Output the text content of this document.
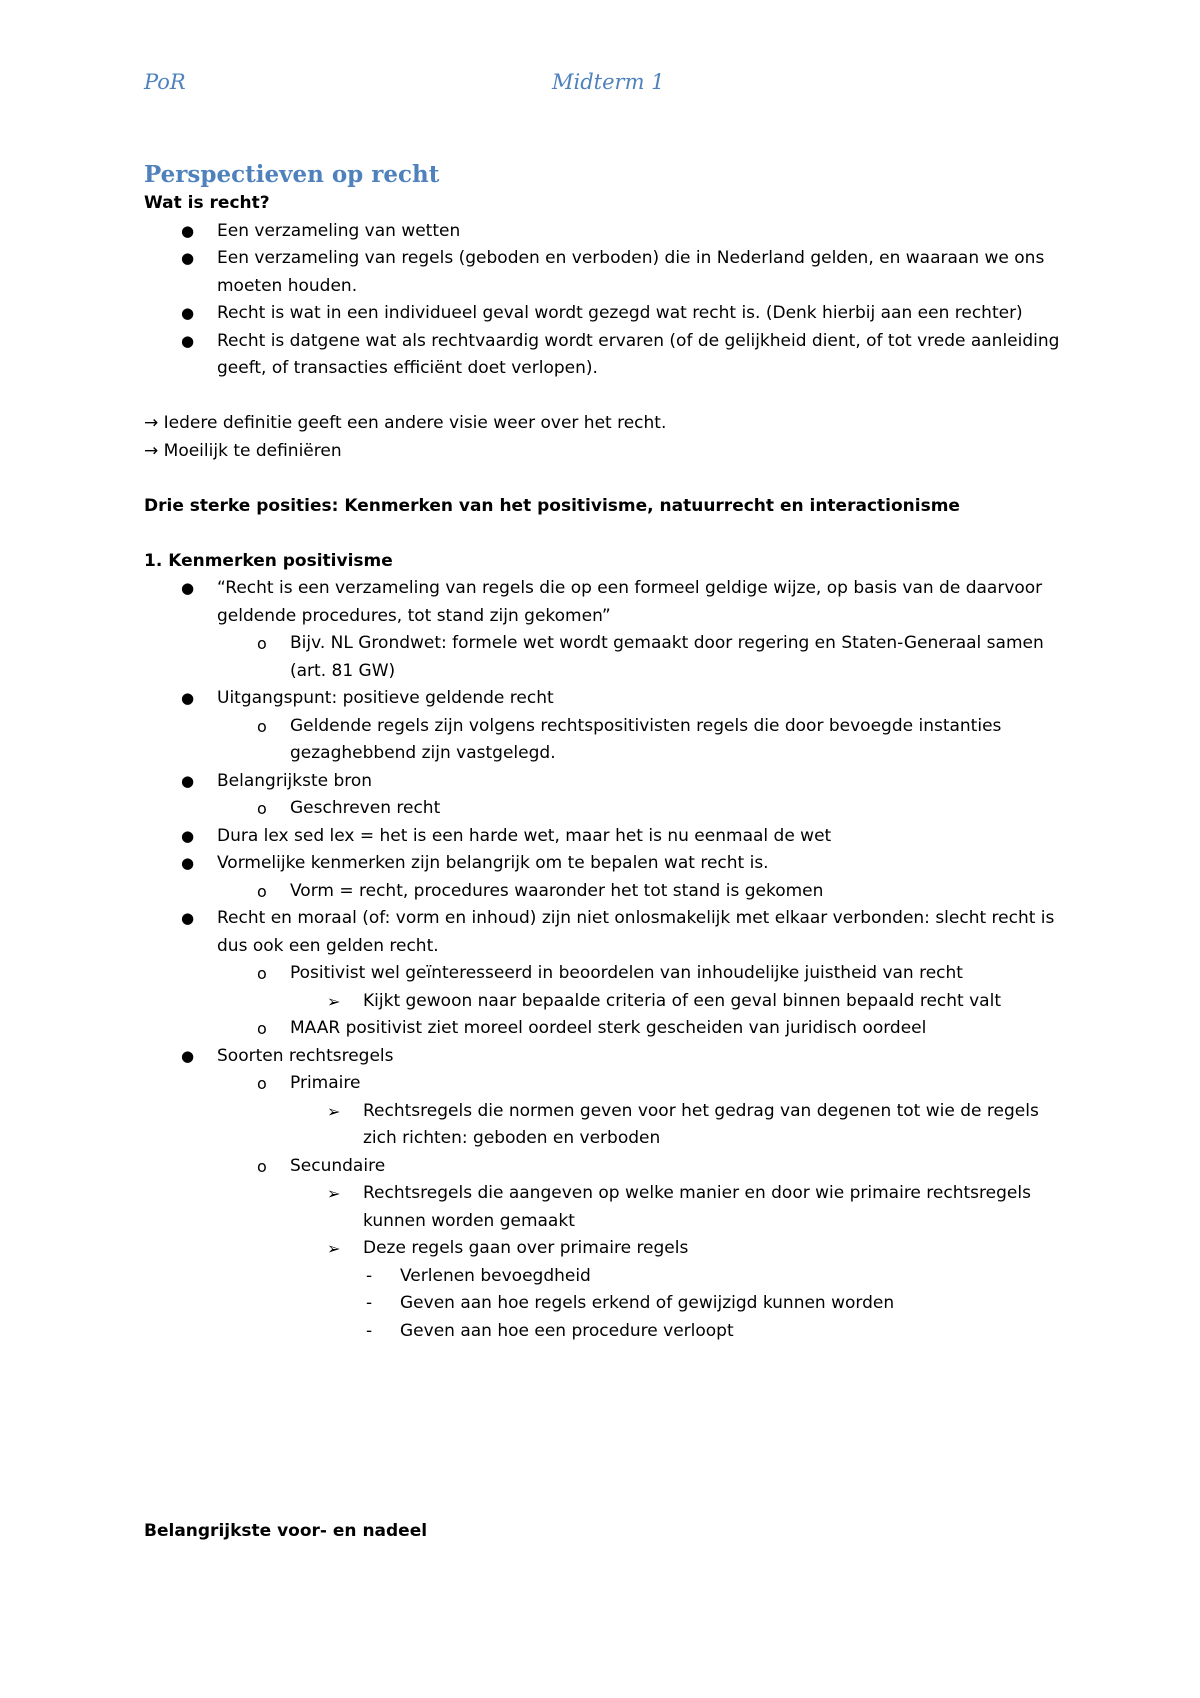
PoR	Midterm 1
Perspectieven op recht

Wat is recht?

● Een verzameling van wetten
● Een verzameling van regels (geboden en verboden) die in Nederland gelden, en waaraan we ons moeten houden.
● Recht is wat in een individueel geval wordt gezegd wat recht is. (Denk hierbij aan een rechter)
● Recht is datgene wat als rechtvaardig wordt ervaren (of de gelijkheid dient, of tot vrede aanleiding geeft, of transacties efficiënt doet verlopen).

→ Iedere definitie geeft een andere visie weer over het recht.

→ Moeilijk te definiëren

Drie sterke posities: Kenmerken van het positivisme, natuurrecht en interactionisme

1. Kenmerken positivisme

● “Recht is een verzameling van regels die op een formeel geldige wijze, op basis van de daarvoor geldende procedures, tot stand zijn gekomen”
o Bijv. NL Grondwet: formele wet wordt gemaakt door regering en Staten-Generaal samen (art. 81 GW)
● Uitgangspunt: positieve geldende recht
o Geldende regels zijn volgens rechtspositivisten regels die door bevoegde instanties gezaghebbend zijn vastgelegd.
● Belangrijkste bron
o Geschreven recht
● Dura lex sed lex = het is een harde wet, maar het is nu eenmaal de wet
● Vormelijke kenmerken zijn belangrijk om te bepalen wat recht is.
o Vorm = recht, procedures waaronder het tot stand is gekomen
● Recht en moraal (of: vorm en inhoud) zijn niet onlosmakelijk met elkaar verbonden: slecht recht is dus ook een gelden recht.
o Positivist wel geïnteresseerd in beoordelen van inhoudelijke juistheid van recht
➢ Kijkt gewoon naar bepaalde criteria of een geval binnen bepaald recht valt
o MAAR positivist ziet moreel oordeel sterk gescheiden van juridisch oordeel
● Soorten rechtsregels
o Primaire
➢ Rechtsregels die normen geven voor het gedrag van degenen tot wie de regels zich richten: geboden en verboden
o Secundaire
➢ Rechtsregels die aangeven op welke manier en door wie primaire rechtsregels kunnen worden gemaakt
➢ Deze regels gaan over primaire regels
- Verlenen bevoegdheid
- Geven aan hoe regels erkend of gewijzigd kunnen worden
- Geven aan hoe een procedure verloopt

Belangrijkste voor- en nadeel
